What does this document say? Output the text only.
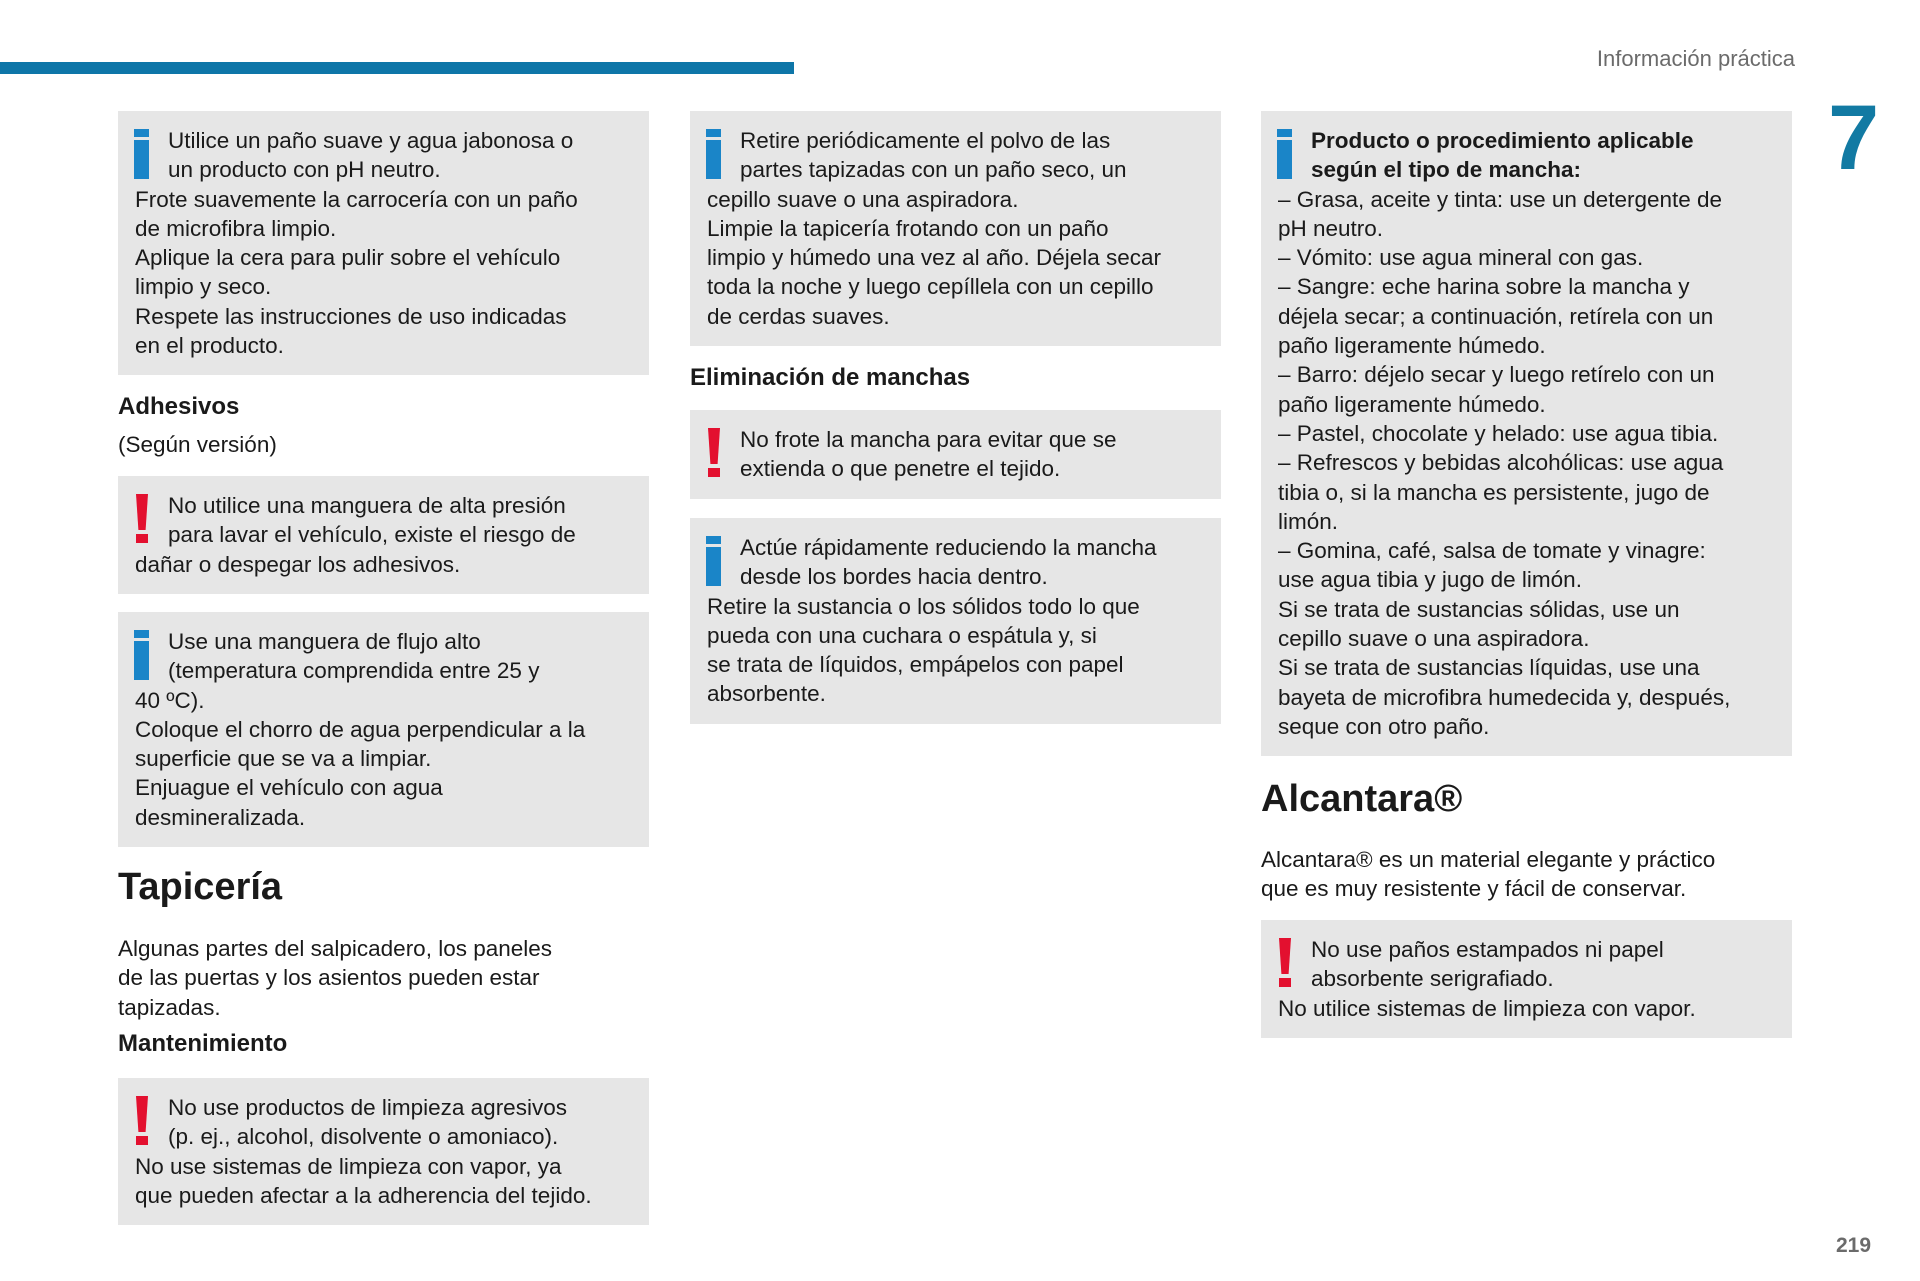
Información práctica
7
219
Adhesivos
(Según versión)
Tapicería
Algunas partes del salpicadero, los paneles
de las puertas y los asientos pueden estar
tapizadas.
Mantenimiento
Eliminación de manchas
Alcantara®
Alcantara® es un material elegante y práctico
que es muy resistente y fácil de conservar.
Utilice un paño suave y agua jabonosa o
un producto con pH neutro.
Frote suavemente la carrocería con un paño
de microfibra limpio.
Aplique la cera para pulir sobre el vehículo
limpio y seco.
Respete las instrucciones de uso indicadas
en el producto.
No utilice una manguera de alta presión
para lavar el vehículo, existe el riesgo de
dañar o despegar los adhesivos.
Use una manguera de flujo alto
(temperatura comprendida entre 25 y
40 ºC).
Coloque el chorro de agua perpendicular a la
superficie que se va a limpiar.
Enjuague el vehículo con agua
desmineralizada.
No use productos de limpieza agresivos
(p. ej., alcohol, disolvente o amoniaco).
No use sistemas de limpieza con vapor, ya
que pueden afectar a la adherencia del tejido.
Retire periódicamente el polvo de las
partes tapizadas con un paño seco, un
cepillo suave o una aspiradora.
Limpie la tapicería frotando con un paño
limpio y húmedo una vez al año. Déjela secar
toda la noche y luego cepíllela con un cepillo
de cerdas suaves.
No frote la mancha para evitar que se
extienda o que penetre el tejido.
Actúe rápidamente reduciendo la mancha
desde los bordes hacia dentro.
Retire la sustancia o los sólidos todo lo que
pueda con una cuchara o espátula y, si
se trata de líquidos, empápelos con papel
absorbente.
Producto o procedimiento aplicable
según el tipo de mancha:
– Grasa, aceite y tinta: use un detergente de
pH neutro.
– Vómito: use agua mineral con gas.
– Sangre: eche harina sobre la mancha y
déjela secar; a continuación, retírela con un
paño ligeramente húmedo.
– Barro: déjelo secar y luego retírelo con un
paño ligeramente húmedo.
– Pastel, chocolate y helado: use agua tibia.
– Refrescos y bebidas alcohólicas: use agua
tibia o, si la mancha es persistente, jugo de
limón.
– Gomina, café, salsa de tomate y vinagre:
use agua tibia y jugo de limón.
Si se trata de sustancias sólidas, use un
cepillo suave o una aspiradora.
Si se trata de sustancias líquidas, use una
bayeta de microfibra humedecida y, después,
seque con otro paño.
No use paños estampados ni papel
absorbente serigrafiado.
No utilice sistemas de limpieza con vapor.
